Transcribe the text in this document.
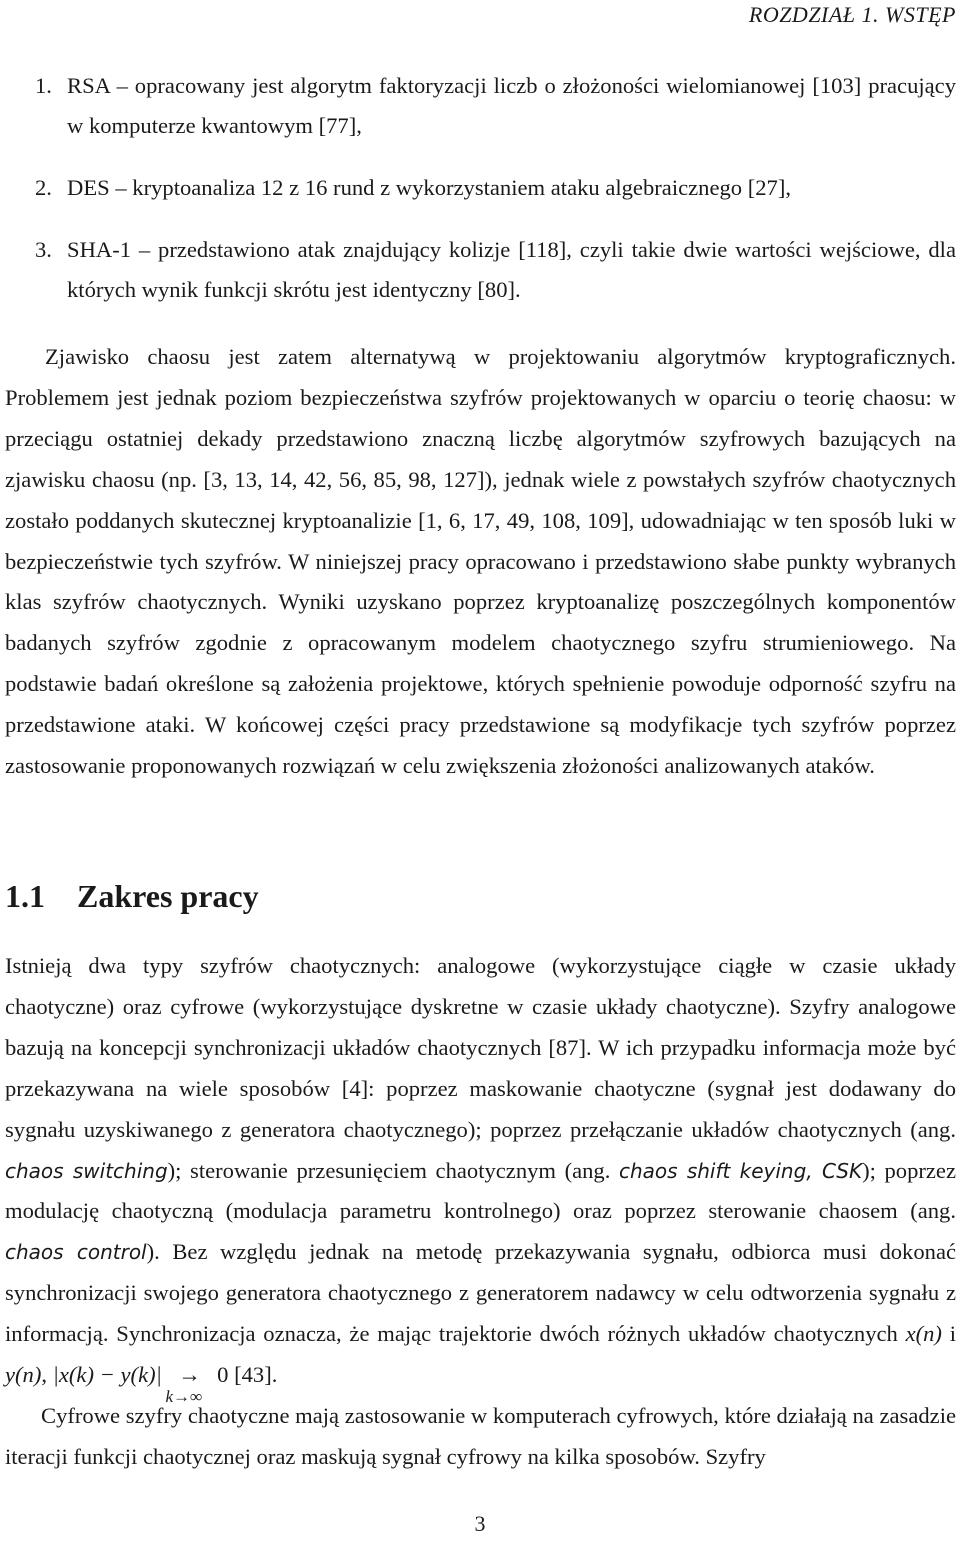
ROZDZIAŁ 1. WSTĘP
1. RSA – opracowany jest algorytm faktoryzacji liczb o złożoności wielomianowej [103] pracujący w komputerze kwantowym [77],
2. DES – kryptoanaliza 12 z 16 rund z wykorzystaniem ataku algebraicznego [27],
3. SHA-1 – przedstawiono atak znajdujący kolizje [118], czyli takie dwie wartości wejściowe, dla których wynik funkcji skrótu jest identyczny [80].

Zjawisko chaosu jest zatem alternatywą w projektowaniu algorytmów kryptograficznych. Problemem jest jednak poziom bezpieczeństwa szyfrów projektowanych w oparciu o teorię chaosu: w przeciągu ostatniej dekady przedstawiono znaczną liczbę algorytmów szyfrowych bazujących na zjawisku chaosu (np. [3, 13, 14, 42, 56, 85, 98, 127]), jednak wiele z powstałych szyfrów chaotycznych zostało poddanych skutecznej kryptoanalizie [1, 6, 17, 49, 108, 109], udowadniając w ten sposób luki w bezpieczeństwie tych szyfrów. W niniejszej pracy opracowano i przedstawiono słabe punkty wybranych klas szyfrów chaotycznych. Wyniki uzyskano poprzez kryptoanalizę poszczególnych komponentów badanych szyfrów zgodnie z opracowanym modelem chaotycznego szyfru strumieniowego. Na podstawie badań określone są założenia projektowe, których spełnienie powoduje odporność szyfru na przedstawione ataki. W końcowej części pracy przedstawione są modyfikacje tych szyfrów poprzez zastosowanie proponowanych rozwiązań w celu zwiększenia złożoności analizowanych ataków.

1.1 Zakres pracy

Istnieją dwa typy szyfrów chaotycznych: analogowe (wykorzystujące ciągłe w czasie układy chaotyczne) oraz cyfrowe (wykorzystujące dyskretne w czasie układy chaotyczne). Szyfry analogowe bazują na koncepcji synchronizacji układów chaotycznych [87]. W ich przypadku informacja może być przekazywana na wiele sposobów [4]: poprzez maskowanie chaotyczne (sygnał jest dodawany do sygnału uzyskiwanego z generatora chaotycznego); poprzez przełączanie układów chaotycznych (ang. chaos switching); sterowanie przesunięciem chaotycznym (ang. chaos shift keying, CSK); poprzez modulację chaotyczną (modulacja parametru kontrolnego) oraz poprzez sterowanie chaosem (ang. chaos control). Bez względu jednak na metodę przekazywania sygnału, odbiorca musi dokonać synchronizacji swojego generatora chaotycznego z generatorem nadawcy w celu odtworzenia sygnału z informacją. Synchronizacja oznacza, że mając trajektorie dwóch różnych układów chaotycznych x(n) i y(n), |x(k) − y(k)| →
k→∞
0 [43].
Cyfrowe szyfry chaotyczne mają zastosowanie w komputerach cyfrowych, które działają na zasadzie iteracji funkcji chaotycznej oraz maskują sygnał cyfrowy na kilka sposobów. Szyfry

3
